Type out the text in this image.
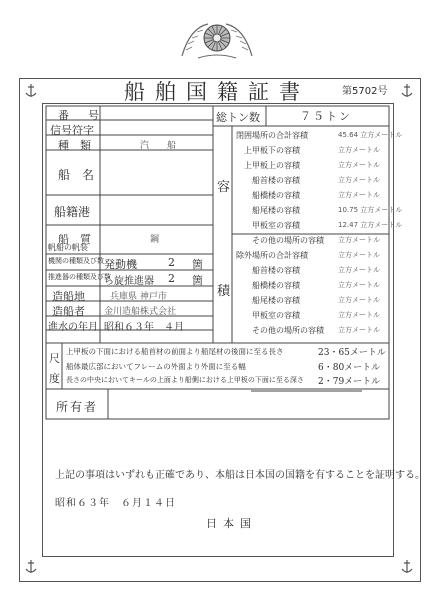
船舶国籍証書	第5702号
番　号
信号符字
種　類	汽　　船
船　名
船籍港
船　質	鋼
帆船の帆装
機関の種類及び数 発動機	2	箇
推進器の種類及び数
ら旋推進器	2	箇
造船地	兵庫県 神戸市
造船者	金川造船株式会社
進水の年月 昭和６３年　４月
総トン数	７５トン
容
積
閉囲場所の合計容積	45.64 立方メートル
上甲板下の容積	立方メートル
上甲板上の容積	立方メートル
船首楼の容積	立方メートル
船橋楼の容積	立方メートル
船尾楼の容積	10.75 立方メートル
甲板室の容積	12.47 立方メートル
その他の場所の容積 立方メートル
除外場所の合計容積	立方メートル
船首楼の容積	立方メートル
船橋楼の容積	立方メートル
船尾楼の容積	立方メートル
甲板室の容積	立方メートル
その他の場所の容積 立方メートル
尺
度
上甲板の下面における船首材の前面より船尾材の後面に至る長さ	23・65メートル
船体最広部においてフレームの外面より外面に至る幅	6・80メートル
長さの中央においてキールの上面より船側における上甲板の下面に至る深さ	2・79メートル
所有者
上記の事項はいずれも正確であり、本船は日本国の国籍を有することを証明する。
昭和６３年　６月１４日
日本国
